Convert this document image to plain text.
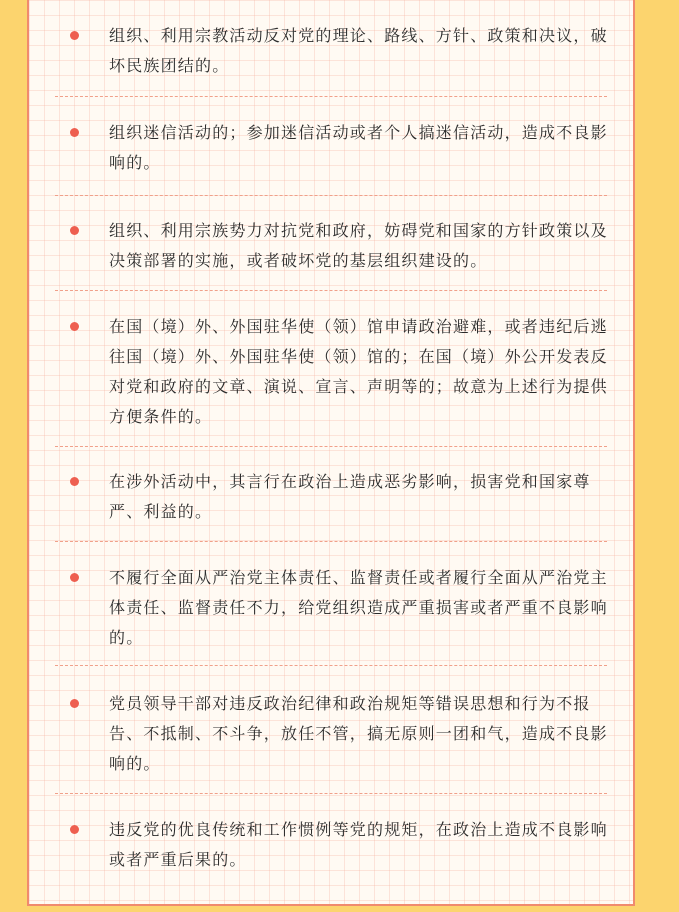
组织、利用宗教活动反对党的理论、路线、方针、政策和决议，破坏民族团结的。

组织迷信活动的；参加迷信活动或者个人搞迷信活动，造成不良影响的。

组织、利用宗族势力对抗党和政府，妨碍党和国家的方针政策以及决策部署的实施，或者破坏党的基层组织建设的。

在国（境）外、外国驻华使（领）馆申请政治避难，或者违纪后逃往国（境）外、外国驻华使（领）馆的；在国（境）外公开发表反对党和政府的文章、演说、宣言、声明等的；故意为上述行为提供方便条件的。

在涉外活动中，其言行在政治上造成恶劣影响，损害党和国家尊严、利益的。

不履行全面从严治党主体责任、监督责任或者履行全面从严治党主体责任、监督责任不力，给党组织造成严重损害或者严重不良影响的。

党员领导干部对违反政治纪律和政治规矩等错误思想和行为不报告、不抵制、不斗争，放任不管，搞无原则一团和气，造成不良影响的。

违反党的优良传统和工作惯例等党的规矩，在政治上造成不良影响或者严重后果的。
